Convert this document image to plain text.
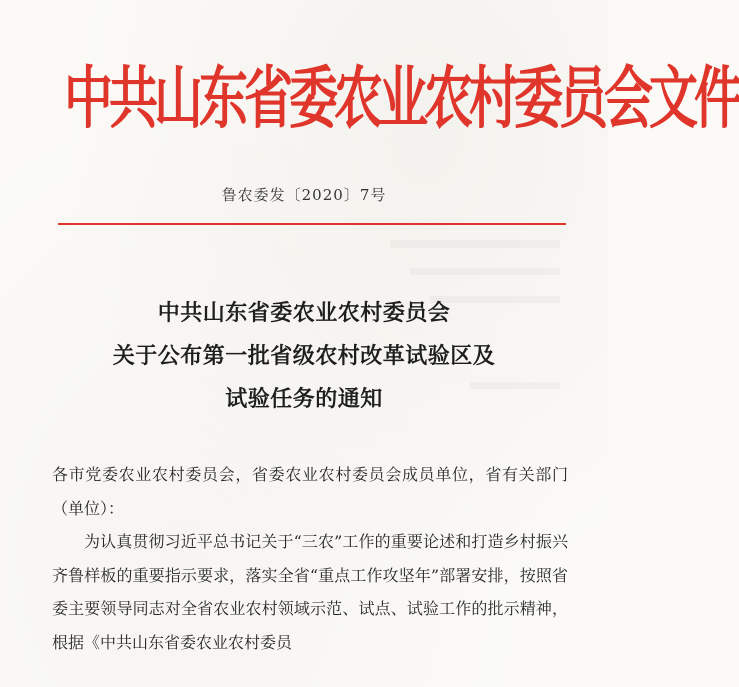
中共山东省委农业农村委员会文件
鲁农委发〔2020〕7号
中共山东省委农业农村委员会
关于公布第一批省级农村改革试验区及
试验任务的通知

各市党委农业农村委员会，省委农业农村委员会成员单位，省有关部门（单位）：

为认真贯彻习近平总书记关于“三农”工作的重要论述和打造乡村振兴齐鲁样板的重要指示要求，落实全省“重点工作攻坚年”部署安排，按照省委主要领导同志对全省农业农村领域示范、试点、试验工作的批示精神，根据《中共山东省委农业农村委员
